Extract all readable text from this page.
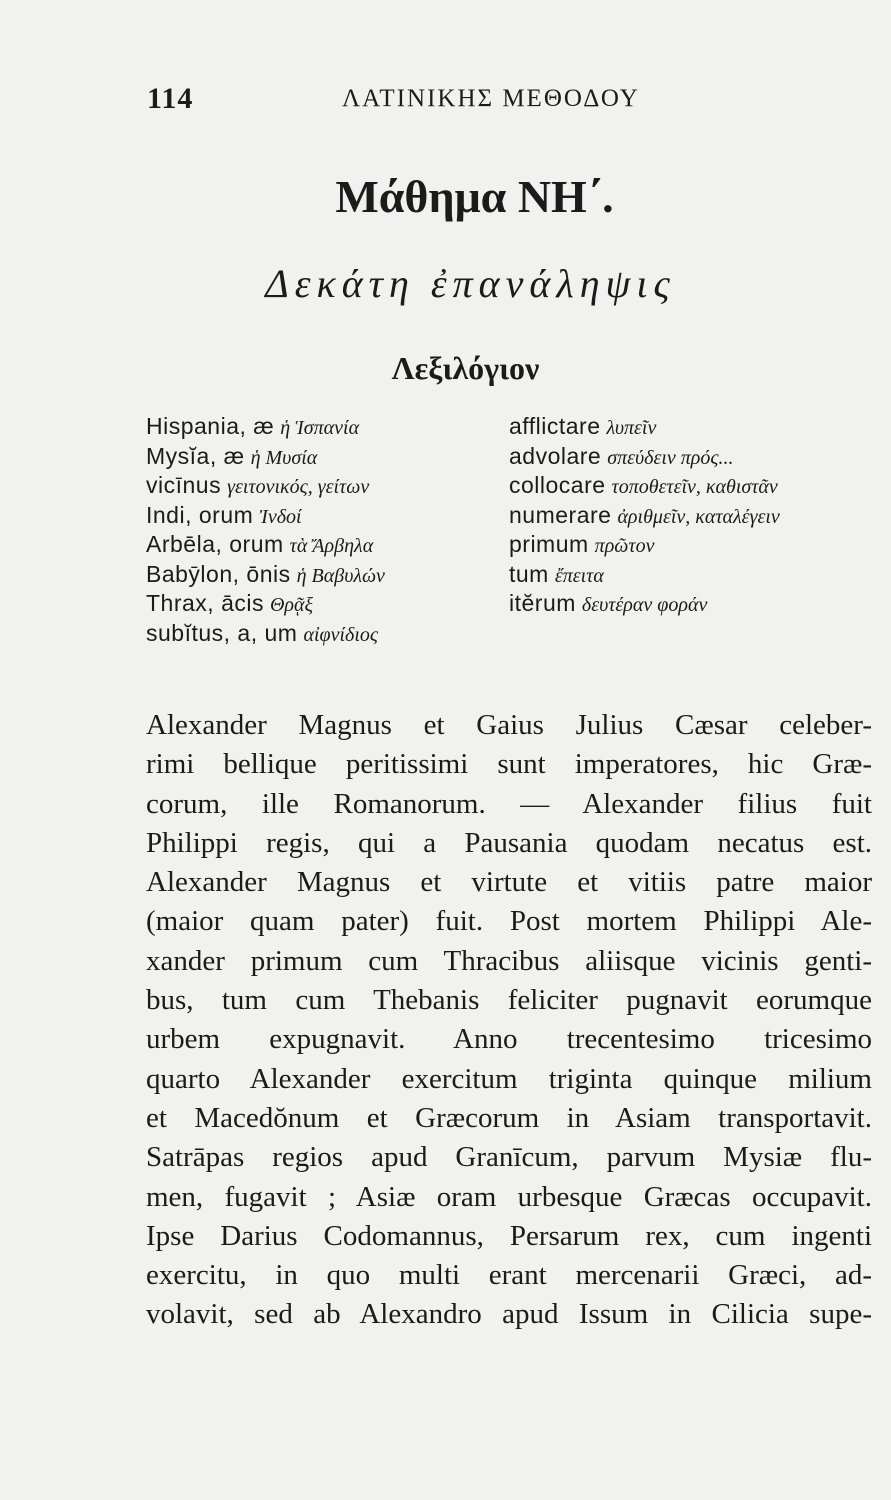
114	ΛΑΤΙΝΙΚΗΣ ΜΕΘΟΔΟΥ
Μάθημα ΝΗ΄.
Δεκάτη ἐπανάληψις
Λεξιλόγιον
Hispania, æ ἡ Ἱσπανία
Mysĭa, æ ἡ Μυσία
vicīnus γειτονικός, γείτων
Indi, orum Ἰνδοί
Arbēla, orum τὰ Ἄρβηλα
Babȳlon, ōnis ἡ Βαβυλών
Thrax, ācis Θρᾷξ
subĭtus, a, um αἰφνίδιος
afflictare λυπεῖν
advolare σπεύδειν πρός...
collocare τοποθετεῖν, καθιστᾶν
numerare ἀριθμεῖν, καταλέγειν
primum πρῶτον
tum ἔπειτα
itĕrum δευτέραν φοράν

Alexander Magnus et Gaius Julius Cæsar celeber-
rimi bellique peritissimi sunt imperatores, hic Græ-
corum, ille Romanorum. — Alexander filius fuit
Philippi regis, qui a Pausania quodam necatus est.
Alexander Magnus et virtute et vitiis patre maior
(maior quam pater) fuit. Post mortem Philippi Ale-
xander primum cum Thracibus aliisque vicinis genti-
bus, tum cum Thebanis feliciter pugnavit eorumque
urbem expugnavit. Anno trecentesimo tricesimo
quarto Alexander exercitum triginta quinque milium
et Macedŏnum et Græcorum in Asiam transportavit.
Satrāpas regios apud Granīcum, parvum Mysiæ flu-
men, fugavit ; Asiæ oram urbesque Græcas occupavit.
Ipse Darius Codomannus, Persarum rex, cum ingenti
exercitu, in quo multi erant mercenarii Græci, ad-
volavit, sed ab Alexandro apud Issum in Cilicia supe-
